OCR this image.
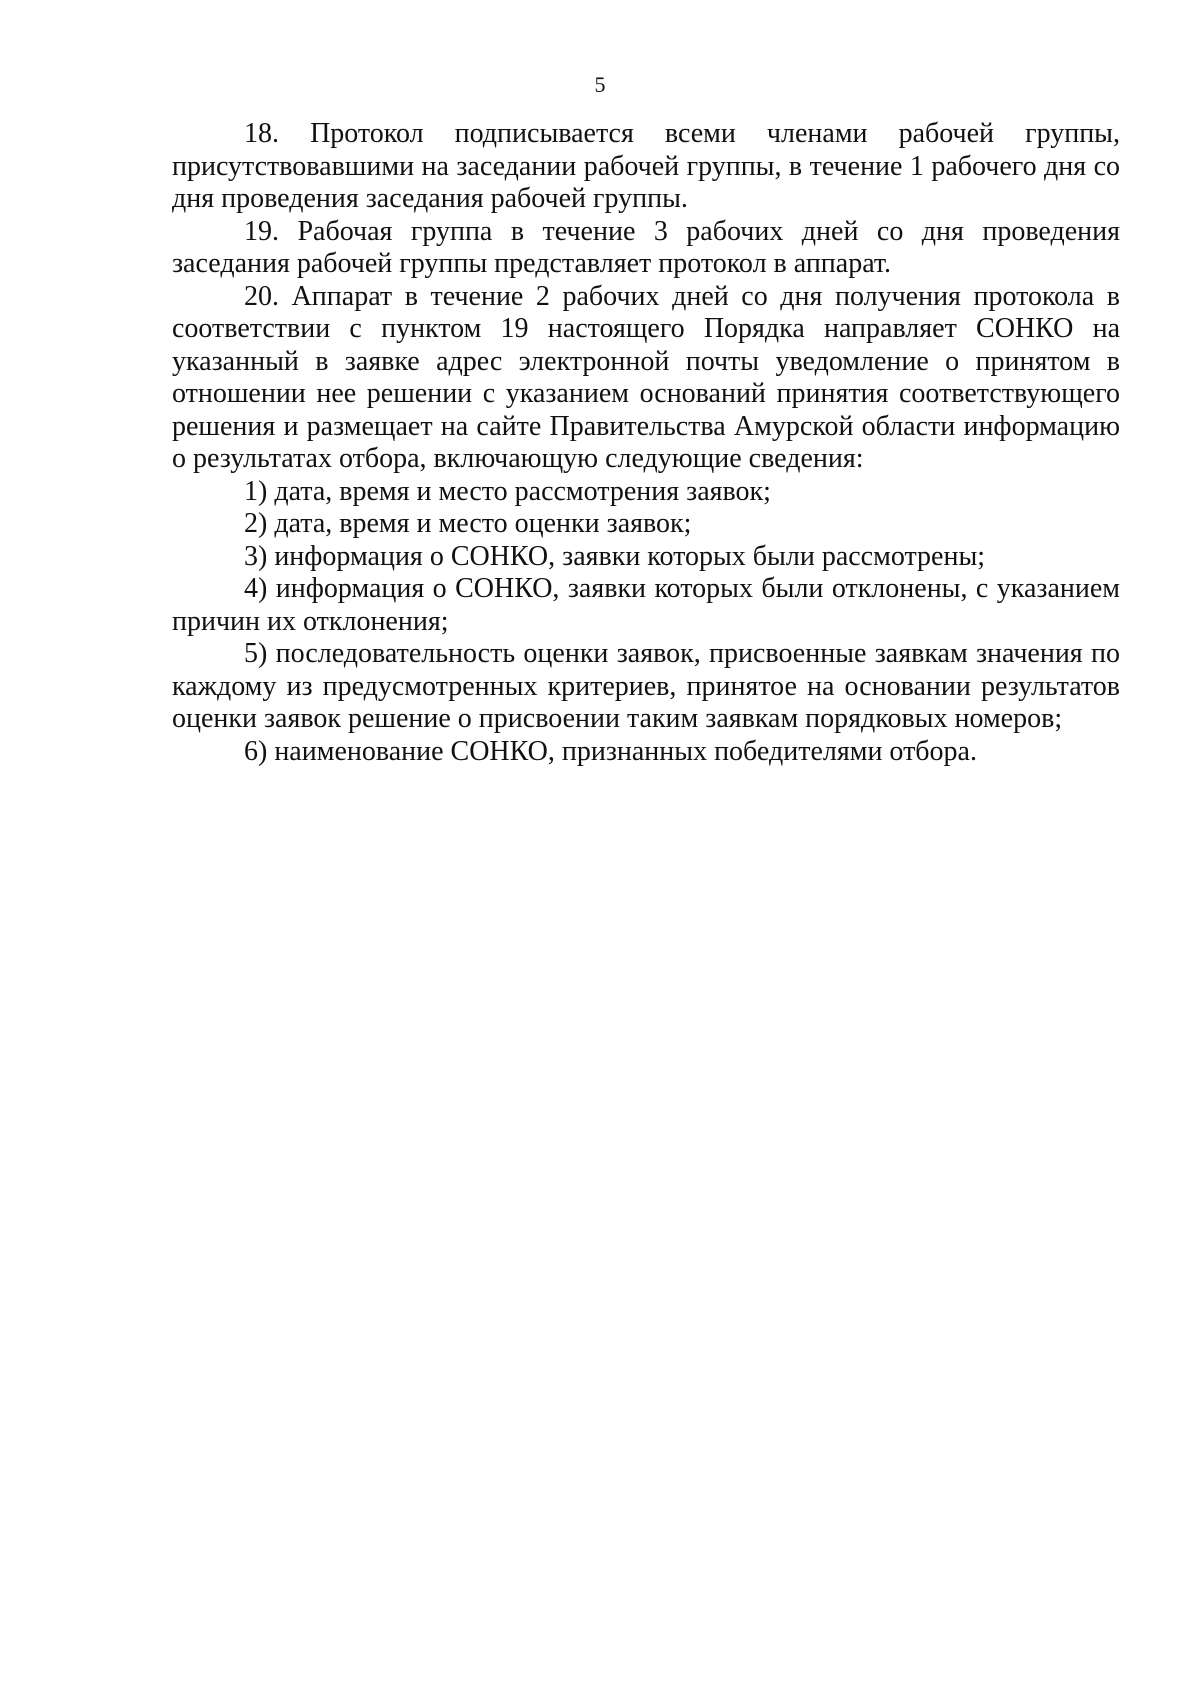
5

18. Протокол подписывается всеми членами рабочей группы, присутствовавшими на заседании рабочей группы, в течение 1 рабочего дня со дня проведения заседания рабочей группы.

19. Рабочая группа в течение 3 рабочих дней со дня проведения заседания рабочей группы представляет протокол в аппарат.

20. Аппарат в течение 2 рабочих дней со дня получения протокола в соответствии с пунктом 19 настоящего Порядка направляет СОНКО на указанный в заявке адрес электронной почты уведомление о принятом в отношении нее решении с указанием оснований принятия соответствующего решения и размещает на сайте Правительства Амурской области информацию о результатах отбора, включающую следующие сведения:

1) дата, время и место рассмотрения заявок;

2) дата, время и место оценки заявок;

3) информация о СОНКО, заявки которых были рассмотрены;

4) информация о СОНКО, заявки которых были отклонены, с указанием причин их отклонения;

5) последовательность оценки заявок, присвоенные заявкам значения по каждому из предусмотренных критериев, принятое на основании результатов оценки заявок решение о присвоении таким заявкам порядковых номеров;

6) наименование СОНКО, признанных победителями отбора.
